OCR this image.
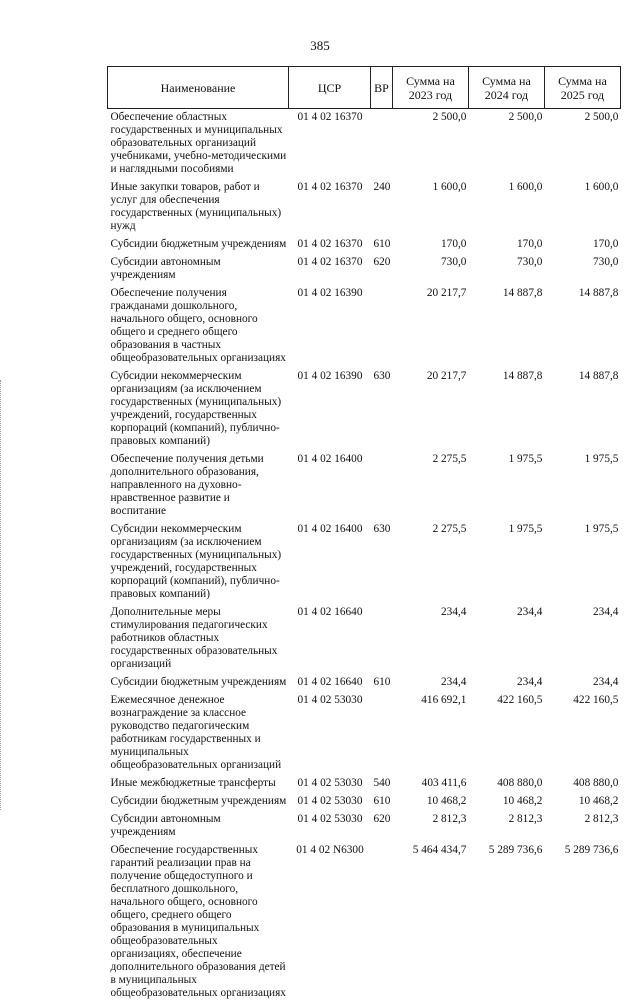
385
Наименование	ЦСР	ВР	Сумма на 2023 год	Сумма на 2024 год	Сумма на 2025 год
Обеспечение областных государственных и муниципальных образовательных организаций учебниками, учебно-методическими и наглядными пособиями	01 4 02 16370		2 500,0	2 500,0	2 500,0
Иные закупки товаров, работ и услуг для обеспечения государственных (муниципальных) нужд	01 4 02 16370	240	1 600,0	1 600,0	1 600,0
Субсидии бюджетным учреждениям	01 4 02 16370	610	170,0	170,0	170,0
Субсидии автономным учреждениям	01 4 02 16370	620	730,0	730,0	730,0
Обеспечение получения гражданами дошкольного, начального общего, основного общего и среднего общего образования в частных общеобразовательных организациях	01 4 02 16390		20 217,7	14 887,8	14 887,8
Субсидии некоммерческим организациям (за исключением государственных (муниципальных) учреждений, государственных корпораций (компаний), публично-правовых компаний)	01 4 02 16390	630	20 217,7	14 887,8	14 887,8
Обеспечение получения детьми дополнительного образования, направленного на духовно-нравственное развитие и воспитание	01 4 02 16400		2 275,5	1 975,5	1 975,5
Субсидии некоммерческим организациям (за исключением государственных (муниципальных) учреждений, государственных корпораций (компаний), публично-правовых компаний)	01 4 02 16400	630	2 275,5	1 975,5	1 975,5
Дополнительные меры стимулирования педагогических работников областных государственных образовательных организаций	01 4 02 16640		234,4	234,4	234,4
Субсидии бюджетным учреждениям	01 4 02 16640	610	234,4	234,4	234,4
Ежемесячное денежное вознаграждение за классное руководство педагогическим работникам государственных и муниципальных общеобразовательных организаций	01 4 02 53030		416 692,1	422 160,5	422 160,5
Иные межбюджетные трансферты	01 4 02 53030	540	403 411,6	408 880,0	408 880,0
Субсидии бюджетным учреждениям	01 4 02 53030	610	10 468,2	10 468,2	10 468,2
Субсидии автономным учреждениям	01 4 02 53030	620	2 812,3	2 812,3	2 812,3
Обеспечение государственных гарантий реализации прав на получение общедоступного и бесплатного дошкольного, начального общего, основного общего, среднего общего образования в муниципальных общеобразовательных организациях, обеспечение дополнительного образования детей в муниципальных общеобразовательных организациях	01 4 02 N6300		5 464 434,7	5 289 736,6	5 289 736,6
